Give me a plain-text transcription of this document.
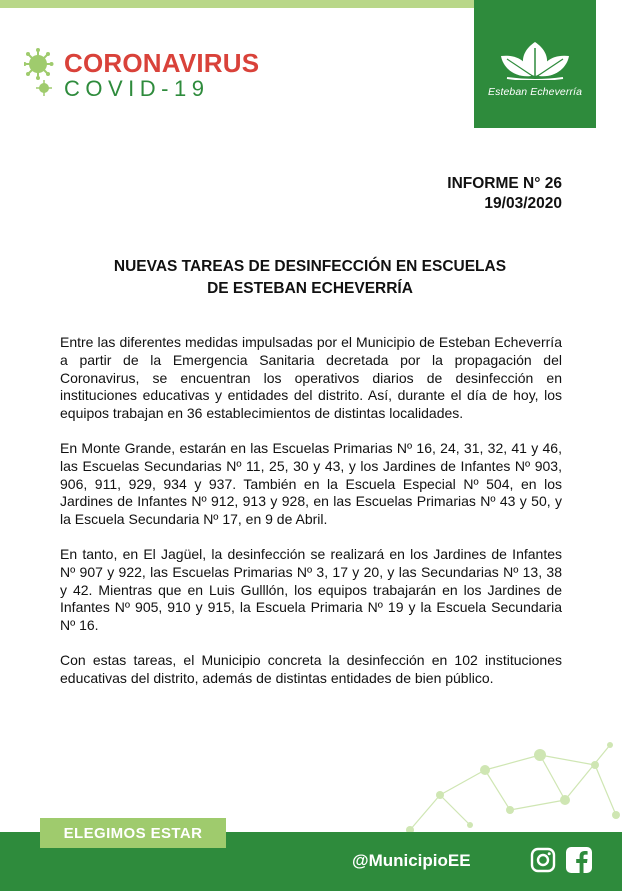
CORONAVIRUS
COVID-19	Esteban Echeverría
INFORME N° 26
19/03/2020
NUEVAS TAREAS DE DESINFECCIÓN EN ESCUELAS
DE ESTEBAN ECHEVERRÍA

Entre las diferentes medidas impulsadas por el Municipio de Esteban Echeverría a partir de la Emergencia Sanitaria decretada por la propagación del Coronavirus, se encuentran los operativos diarios de desinfección en instituciones educativas y entidades del distrito. Así, durante el día de hoy, los equipos trabajan en 36 establecimientos de distintas localidades.

En Monte Grande, estarán en las Escuelas Primarias Nº 16, 24, 31, 32, 41 y 46, las Escuelas Secundarias Nº 11, 25, 30 y 43, y los Jardines de Infantes Nº 903, 906, 911, 929, 934 y 937. También en la Escuela Especial Nº 504, en los Jardines de Infantes Nº 912, 913 y 928, en las Escuelas Primarias Nº 43 y 50, y la Escuela Secundaria Nº 17, en 9 de Abril.

En tanto, en El Jagüel, la desinfección se realizará en los Jardines de Infantes Nº 907 y 922, las Escuelas Primarias Nº 3, 17 y 20, y las Secundarias Nº 13, 38 y 42. Mientras que en Luis Gulllón, los equipos trabajarán en los Jardines de Infantes Nº 905, 910 y 915, la Escuela Primaria Nº 19 y la Escuela Secundaria Nº 16.

Con estas tareas, el Municipio concreta la desinfección en 102 instituciones educativas del distrito, además de distintas entidades de bien público.

ELEGIMOS ESTAR
@MunicipioEE
